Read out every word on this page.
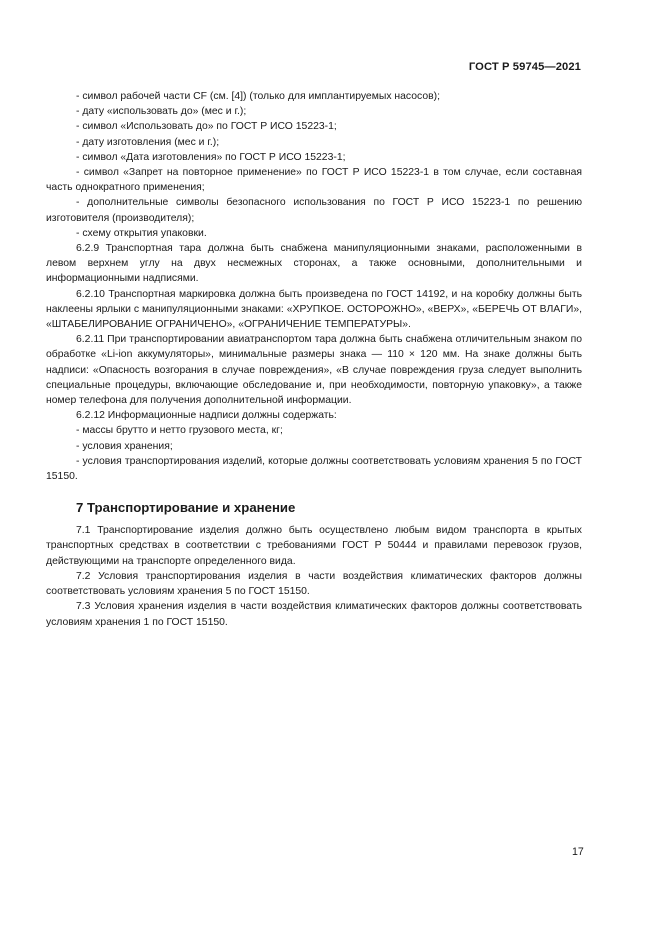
ГОСТ Р 59745—2021

- символ рабочей части CF (см. [4]) (только для имплантируемых насосов);

- дату «использовать до» (мес и г.);

- символ «Использовать до» по ГОСТ Р ИСО 15223-1;

- дату изготовления (мес и г.);

- символ «Дата изготовления» по ГОСТ Р ИСО 15223-1;

- символ «Запрет на повторное применение» по ГОСТ Р ИСО 15223-1 в том случае, если составная часть однократного применения;

- дополнительные символы безопасного использования по ГОСТ Р ИСО 15223-1 по решению изготовителя (производителя);

- схему открытия упаковки.

6.2.9 Транспортная тара должна быть снабжена манипуляционными знаками, расположенными в левом верхнем углу на двух несмежных сторонах, а также основными, дополнительными и информационными надписями.

6.2.10 Транспортная маркировка должна быть произведена по ГОСТ 14192, и на коробку должны быть наклеены ярлыки с манипуляционными знаками: «ХРУПКОЕ. ОСТОРОЖНО», «ВЕРХ», «БЕРЕЧЬ ОТ ВЛАГИ», «ШТАБЕЛИРОВАНИЕ ОГРАНИЧЕНО», «ОГРАНИЧЕНИЕ ТЕМПЕРАТУРЫ».

6.2.11 При транспортировании авиатранспортом тара должна быть снабжена отличительным знаком по обработке «Li-ion аккумуляторы», минимальные размеры знака — 110 × 120 мм. На знаке должны быть надписи: «Опасность возгорания в случае повреждения», «В случае повреждения груза следует выполнить специальные процедуры, включающие обследование и, при необходимости, повторную упаковку», а также номер телефона для получения дополнительной информации.

6.2.12 Информационные надписи должны содержать:

- массы брутто и нетто грузового места, кг;

- условия хранения;

- условия транспортирования изделий, которые должны соответствовать условиям хранения 5 по ГОСТ 15150.

7 Транспортирование и хранение

7.1 Транспортирование изделия должно быть осуществлено любым видом транспорта в крытых транспортных средствах в соответствии с требованиями ГОСТ Р 50444 и правилами перевозок грузов, действующими на транспорте определенного вида.

7.2 Условия транспортирования изделия в части воздействия климатических факторов должны соответствовать условиям хранения 5 по ГОСТ 15150.

7.3 Условия хранения изделия в части воздействия климатических факторов должны соответствовать условиям хранения 1 по ГОСТ 15150.

17
